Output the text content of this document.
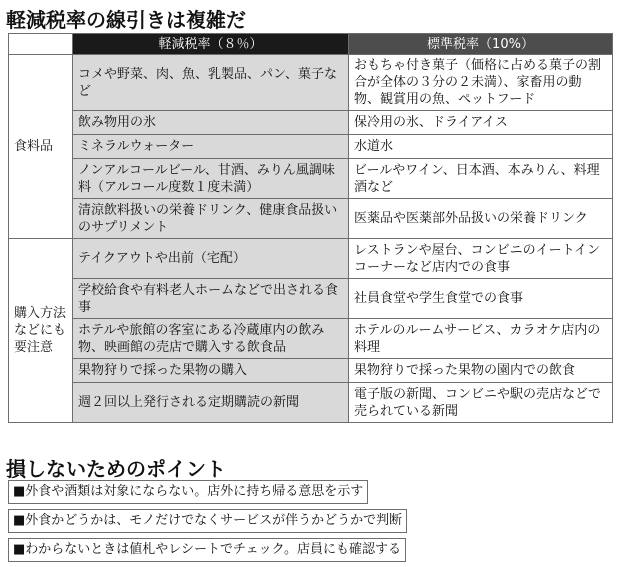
軽減税率の線引きは複雑だ
	軽減税率（８％）	標準税率（10%）
食料品	コメや野菜、肉、魚、乳製品、パン、菓子など	おもちゃ付き菓子（価格に占める菓子の割合が全体の３分の２未満）、家畜用の動物、観賞用の魚、ペットフード
	飲み物用の氷	保冷用の氷、ドライアイス
	ミネラルウォーター	水道水
	ノンアルコールビール、甘酒、みりん風調味料（アルコール度数１度未満）	ビールやワイン、日本酒、本みりん、料理酒など
	清涼飲料扱いの栄養ドリンク、健康食品扱いのサプリメント	医薬品や医薬部外品扱いの栄養ドリンク
購入方法などにも要注意	テイクアウトや出前（宅配）	レストランや屋台、コンビニのイートインコーナーなど店内での食事
	学校給食や有料老人ホームなどで出される食事	社員食堂や学生食堂での食事
	ホテルや旅館の客室にある冷蔵庫内の飲み物、映画館の売店で購入する飲食品	ホテルのルームサービス、カラオケ店内の料理
	果物狩りで採った果物の購入	果物狩りで採った果物の園内での飲食
	週２回以上発行される定期購読の新聞	電子版の新聞、コンビニや駅の売店などで売られている新聞
損しないためのポイント
■外食や酒類は対象にならない。店外に持ち帰る意思を示す
■外食かどうかは、モノだけでなくサービスが伴うかどうかで判断
■わからないときは値札やレシートでチェック。店員にも確認する
